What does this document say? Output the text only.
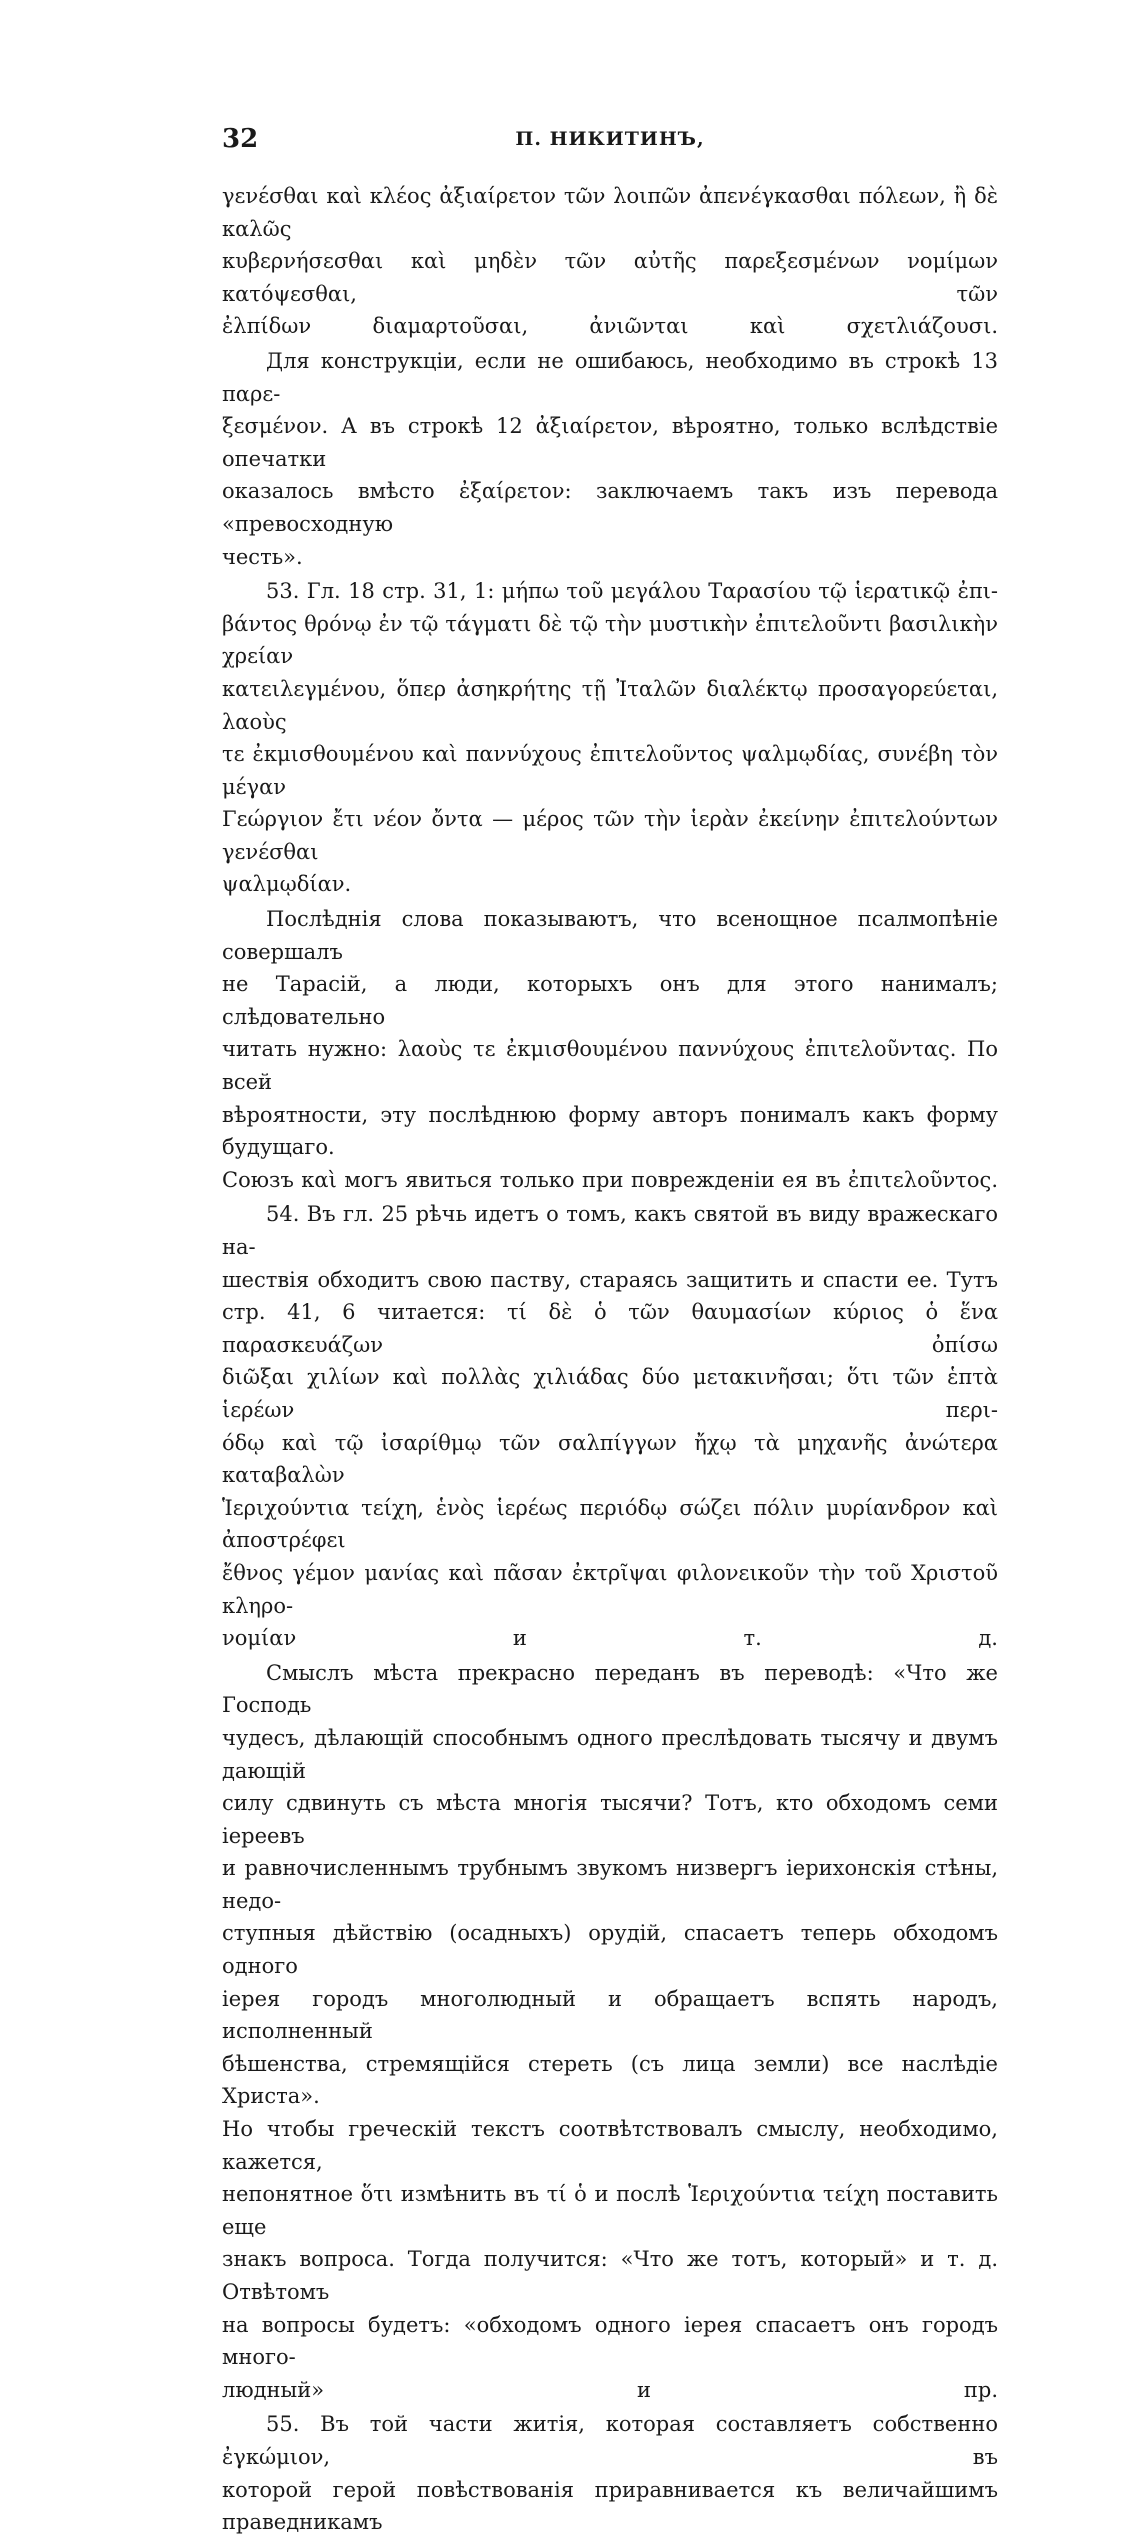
32	П. НИКИТИНЪ,

γενέσθαι καὶ κλέος ἀξιαίρετον τῶν λοιπῶν ἀπενέγκασθαι πόλεων, ἢ δὲ καλῶς
κυβερνήσεσθαι καὶ μηδὲν τῶν αὐτῆς παρεξεσμένων νομίμων κατόψεσθαι, τῶν
ἐλπίδων διαμαρτοῦσαι, ἀνιῶνται καὶ σχετλιάζουσι.

Для конструкціи, если не ошибаюсь, необходимо въ строкѣ 13 παρε-
ξεσμένον. А въ строкѣ 12 ἀξιαίρετον, вѣроятно, только вслѣдствіе опечатки
оказалось вмѣсто ἐξαίρετον: заключаемъ такъ изъ перевода «превосходную
честь».

53. Гл. 18 стр. 31, 1: μήπω τοῦ μεγάλου Ταρασίου τῷ ἱερατικῷ ἐπι-
βάντος θρόνῳ ἐν τῷ τάγματι δὲ τῷ τὴν μυστικὴν ἐπιτελοῦντι βασιλικὴν χρείαν
κατειλεγμένου, ὅπερ ἀσηκρήτης τῇ Ἰταλῶν διαλέκτῳ προσαγορεύεται, λαοὺς
τε ἐκμισθουμένου καὶ παννύχους ἐπιτελοῦντος ψαλμῳδίας, συνέβη τὸν μέγαν
Γεώργιον ἔτι νέον ὄντα — μέρος τῶν τὴν ἱερὰν ἐκείνην ἐπιτελούντων γενέσθαι
ψαλμῳδίαν.

Послѣднія слова показываютъ, что всенощное псалмопѣніе совершалъ
не Тарасій, а люди, которыхъ онъ для этого нанималъ; слѣдовательно
читать нужно: λαοὺς τε ἐκμισθουμένου παννύχους ἐπιτελοῦντας. По всей
вѣроятности, эту послѣднюю форму авторъ понималъ какъ форму будущаго.
Союзъ καὶ могъ явиться только при поврежденіи ея въ ἐπιτελοῦντος.

54. Въ гл. 25 рѣчь идетъ о томъ, какъ святой въ виду вражескаго на-
шествія обходитъ свою паству, стараясь защитить и спасти ее. Тутъ
стр. 41, 6 читается: τί δὲ ὁ τῶν θαυμασίων κύριος ὁ ἕνα παρασκευάζων ὀπίσω
διῶξαι χιλίων καὶ πολλὰς χιλιάδας δύο μετακινῆσαι; ὅτι τῶν ἑπτὰ ἱερέων περι-
όδῳ καὶ τῷ ἰσαρίθμῳ τῶν σαλπίγγων ἤχῳ τὰ μηχανῆς ἀνώτερα καταβαλὼν
Ἱεριχούντια τείχη, ἑνὸς ἱερέως περιόδῳ σώζει πόλιν μυρίανδρον καὶ ἀποστρέφει
ἔθνος γέμον μανίας καὶ πᾶσαν ἐκτρῖψαι φιλονεικοῦν τὴν τοῦ Χριστοῦ κληρο-
νομίαν и т. д.

Смыслъ мѣста прекрасно переданъ въ переводѣ: «Что же Господь
чудесъ, дѣлающій способнымъ одного преслѣдовать тысячу и двумъ дающій
силу сдвинуть съ мѣста многія тысячи? Тотъ, кто обходомъ семи іереевъ
и равночисленнымъ трубнымъ звукомъ низвергъ іерихонскія стѣны, недо-
ступныя дѣйствію (осадныхъ) орудій, спасаетъ теперь обходомъ одного
іерея городъ многолюдный и обращаетъ вспять народъ, исполненный
бѣшенства, стремящійся стереть (съ лица земли) все наслѣдіе Христа».
Но чтобы греческій текстъ соотвѣтствовалъ смыслу, необходимо, кажется,
непонятное ὅτι измѣнить въ τί ὁ и послѣ Ἱεριχούντια τείχη поставить еще
знакъ вопроса. Тогда получится: «Что же тотъ, который» и т. д. Отвѣтомъ
на вопросы будетъ: «обходомъ одного іерея спасаетъ онъ городъ много-
людный» и пр.

55. Въ той части житія, которая составляетъ собственно ἐγκώμιον, въ
которой герой повѣствованія приравнивается къ величайшимъ праведникамъ
